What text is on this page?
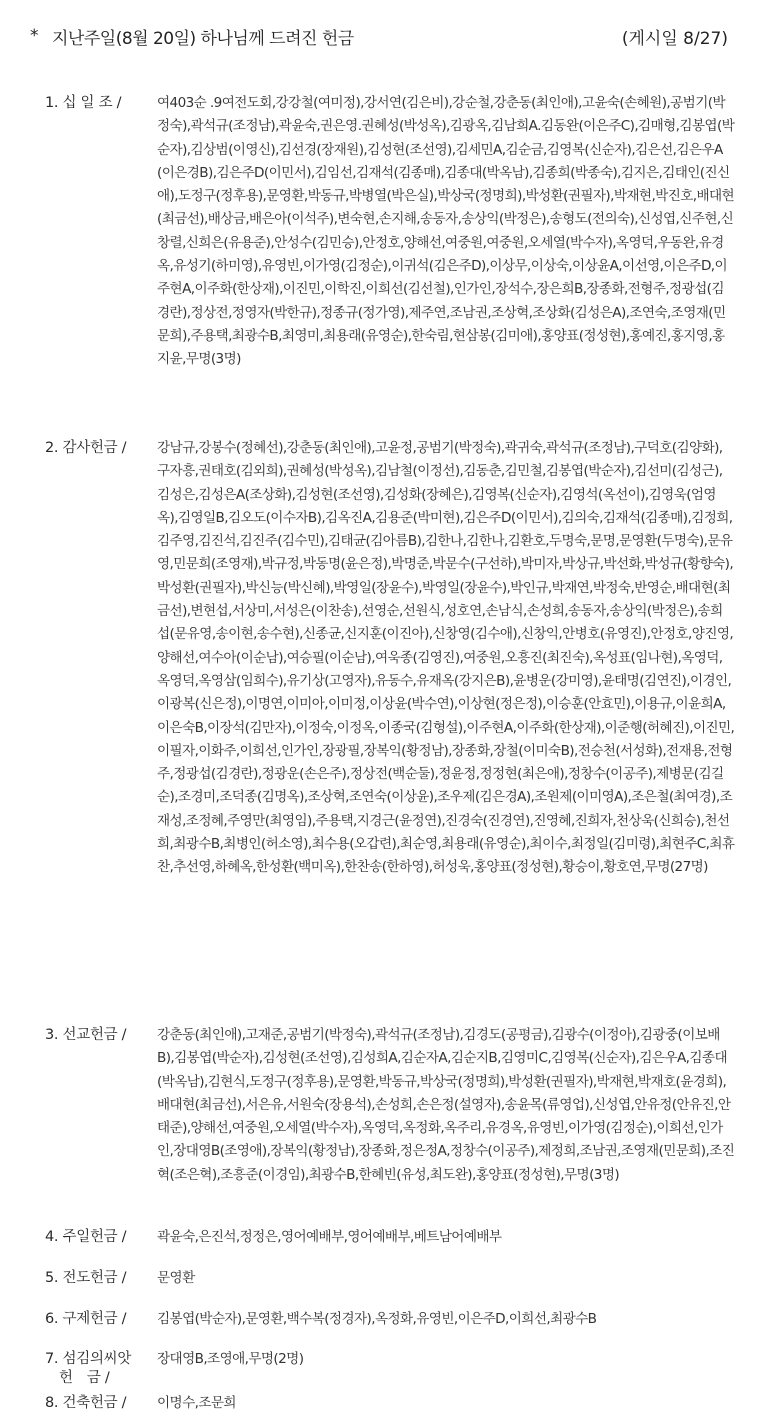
* 지난주일(8월 20일) 하나님께 드려진 헌금	(게시일 8/27)
1. 십 일 조 /	여403순 .9여전도회,강강철(여미정),강서연(김은비),강순철,강춘동(최인애),고윤숙(손혜원),공범기(박정숙),곽석규(조정남),곽윤숙,권은영.권혜성(박성옥),김광옥,김남희A.김동완(이은주C),김매형,김봉엽(박순자),김상범(이영신),김선경(장재원),김성현(조선영),김세민A,김순금,김영복(신순자),김은선,김은우A(이은경B),김은주D(이민서),김임선,김재석(김종매),김종대(박옥남),김종희(박종숙),김지은,김태인(진신애),도정구(정후용),문영환,박동규,박병열(박은실),박상국(정명희),박성환(권필자),박재현,박진호,배대현(최금선),배상금,배은아(이석주),변숙현,손지해,송동자,송상익(박정은),송형도(전의숙),신성엽,신주현,신창렬,신희은(유용준),안성수(김민승),안정호,양해선,여중원,여중원,오세열(박수자),옥영덕,우동완,유경옥,유성기(하미영),유영빈,이가영(김정순),이귀석(김은주D),이상무,이상숙,이상윤A,이선영,이은주D,이주현A,이주화(한상재),이진민,이학진,이희선(김선철),인가인,장석수,장은희B,장종화,전형주,정광섭(김경란),정상전,정영자(박한규),정종규(정가영),제주연,조남권,조상혁,조상화(김성은A),조연숙,조영재(민문희),주용택,최광수B,최영미,최용래(유영순),한숙림,현삼봉(김미애),홍양표(정성현),홍예진,홍지영,홍지윤,무명(3명)
2. 감사헌금 /	강남규,강봉수(정혜선),강춘동(최인애),고윤정,공범기(박정숙),곽귀숙,곽석규(조정남),구덕호(김양화),구자흥,권태호(김외희),권혜성(박성옥),김남철(이정선),김동춘,김민철,김봉엽(박순자),김선미(김성근),김성은,김성은A(조상화),김성현(조선영),김성화(장혜은),김영복(신순자),김영석(옥선이),김영욱(엄영옥),김영일B,김오도(이수자B),김옥진A,김용준(박미현),김은주D(이민서),김의숙,김재석(김종매),김정희,김주영,김진석,김진주(김수민),김태균(김아름B),김한나,김한나,김환호,두명숙,문명,문영환(두명숙),문유영,민문희(조영재),박규정,박동명(윤은정),박명준,박문수(구선하),박미자,박상규,박선화,박성규(황향숙),박성환(권필자),박신능(박신혜),박영일(장윤수),박영일(장윤수),박인규,박재연,박정숙,반영순,배대현(최금선),변현섭,서상미,서성은(이찬송),선영순,선원식,성호연,손남식,손성희,송동자,송상익(박정은),송희섭(문유영,송이현,송수현),신종균,신지훈(이진아),신창영(김수애),신창익,안병호(유영진),안정호,양진영,양해선,여수아(이순남),여승필(이순남),여욱종(김영진),여중원,오흥진(최진숙),옥성표(임나현),옥영덕,옥영덕,옥영삼(임희수),유기상(고영자),유동수,유재옥(강지은B),윤병운(강미영),윤태명(김연진),이경인,이광복(신은정),이명연,이미아,이미정,이상윤(박수연),이상현(정은정),이승훈(안효민),이용규,이윤희A,이은숙B,이장석(김만자),이정숙,이정옥,이종국(김형설),이주현A,이주화(한상재),이준행(허혜진),이진민,이필자,이화주,이희선,인가인,장광필,장복익(황정남),장종화,장철(이미숙B),전승천(서성화),전재용,전형주,정광섭(김경란),정광운(손은주),정상전(백순둘),정윤정,정정현(최은애),정창수(이공주),제병문(김길순),조경미,조덕종(김명옥),조상혁,조연숙(이상윤),조우제(김은경A),조원제(이미영A),조은철(최여경),조재성,조정혜,주영만(최영임),주용택,지경근(윤정연),진경숙(진경연),진영혜,진희자,천상욱(신희승),천선희,최광수B,최병인(허소영),최수용(오갑련),최순영,최용래(유영순),최이수,최정일(김미령),최현주C,최휴찬,추선영,하혜옥,한성환(백미옥),한찬송(한하영),허성욱,홍양표(정성현),황승이,황호연,무명(27명)
3. 선교헌금 /	강춘동(최인애),고재준,공범기(박정숙),곽석규(조정남),김경도(공평금),김광수(이정아),김광중(이보배B),김봉엽(박순자),김성현(조선영),김성희A,김순자A,김순지B,김영미C,김영복(신순자),김은우A,김종대(박옥남),김현식,도정구(정후용),문영환,박동규,박상국(정명희),박성환(권필자),박재현,박재호(윤경희),배대현(최금선),서은유,서원숙(장용석),손성희,손은정(설영자),송윤목(류영업),신성엽,안유정(안유진,안태준),양해선,여중원,오세열(박수자),옥영덕,옥정화,옥주리,유경옥,유영빈,이가영(김정순),이희선,인가인,장대영B(조영애),장복익(황정남),장종화,정은정A,정창수(이공주),제정희,조남권,조영재(민문희),조진혁(조은혁),조흥준(이경임),최광수B,한혜빈(유성,최도완),홍양표(정성현),무명(3명)
4. 주일헌금 /	곽윤숙,은진석,정정은,영어예배부,영어예배부,베트남어예배부
5. 전도헌금 /	문영환
6. 구제헌금 /	김봉엽(박순자),문영환,백수복(정경자),옥정화,유영빈,이은주D,이희선,최광수B
7. 섬김의씨앗
헌　금 /
장대영B,조영애,무명(2명)
8. 건축헌금 /	이명수,조문희
